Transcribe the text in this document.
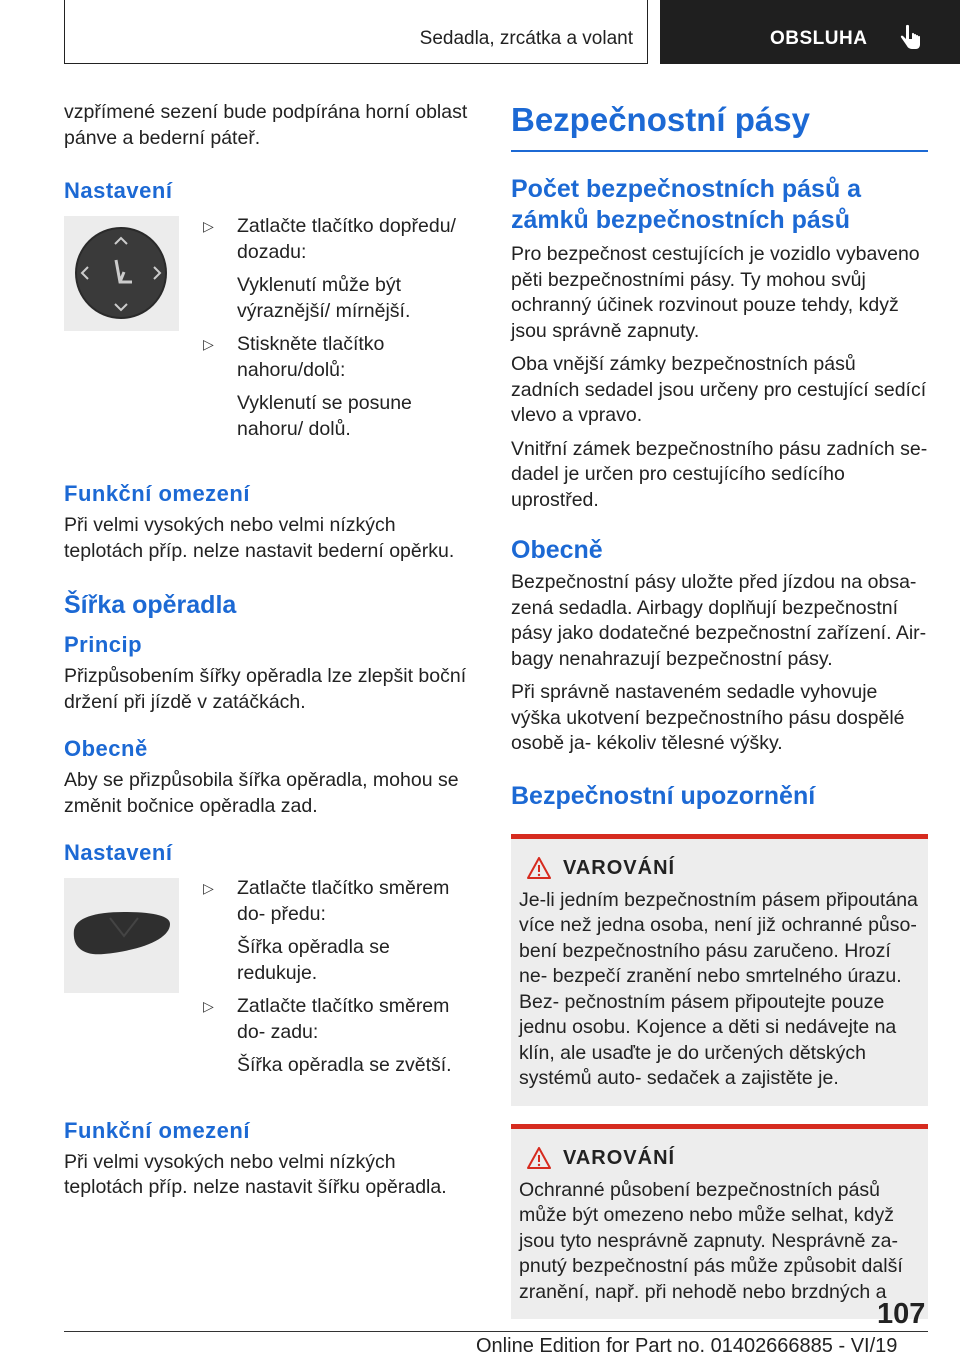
Sedadla, zrcátka a volant	OBSLUHA

vzpřímené sezení bude podpírána horní oblast pánve a bederní páteř.

Nastavení
▷	Zatlačte tlačítko dopředu/ dozadu:

Vyklenutí může být výraznější/ mírnější.

▷	Stiskněte tlačítko nahoru/dolů:

Vyklenutí se posune nahoru/ dolů.

Funkční omezení

Při velmi vysokých nebo velmi nízkých teplotách příp. nelze nastavit bederní opěrku.

Šířka opěradla
Princip

Přizpůsobením šířky opěradla lze zlepšit boční držení při jízdě v zatáčkách.

Obecně

Aby se přizpůsobila šířka opěradla, mohou se změnit bočnice opěradla zad.

Nastavení
▷	Zatlačte tlačítko směrem do- předu:

Šířka opěradla se redukuje.

▷	Zatlačte tlačítko směrem do- zadu:

Šířka opěradla se zvětší.

Funkční omezení

Při velmi vysokých nebo velmi nízkých teplotách příp. nelze nastavit šířku opěradla.

Bezpečnostní pásy
Počet bezpečnostních pásů a zámků bezpečnostních pásů

Pro bezpečnost cestujících je vozidlo vybaveno pěti bezpečnostními pásy. Ty mohou svůj ochranný účinek rozvinout pouze tehdy, když jsou správně zapnuty.

Oba vnější zámky bezpečnostních pásů zadních sedadel jsou určeny pro cestující sedící vlevo a vpravo.

Vnitřní zámek bezpečnostního pásu zadních se- dadel je určen pro cestujícího sedícího uprostřed.

Obecně

Bezpečnostní pásy uložte před jízdou na obsa- zená sedadla. Airbagy doplňují bezpečnostní pásy jako dodatečné bezpečnostní zařízení. Air- bagy nenahrazují bezpečnostní pásy.

Při správně nastaveném sedadle vyhovuje výška ukotvení bezpečnostního pásu dospělé osobě ja- kékoliv tělesné výšky.

Bezpečnostní upozornění
VAROVÁNÍ

Je-li jedním bezpečnostním pásem připoutána více než jedna osoba, není již ochranné půso- bení bezpečnostního pásu zaručeno. Hrozí ne- bezpečí zranění nebo smrtelného úrazu. Bez- pečnostním pásem připoutejte pouze jednu osobu. Kojence a děti si nedávejte na klín, ale usaďte je do určených dětských systémů auto- sedaček a zajistěte je.

VAROVÁNÍ

Ochranné působení bezpečnostních pásů může být omezeno nebo může selhat, když jsou tyto nesprávně zapnuty. Nesprávně za- pnutý bezpečnostní pás může způsobit další zranění, např. při nehodě nebo brzdných a

107
Online Edition for Part no. 01402666885 - VI/19
